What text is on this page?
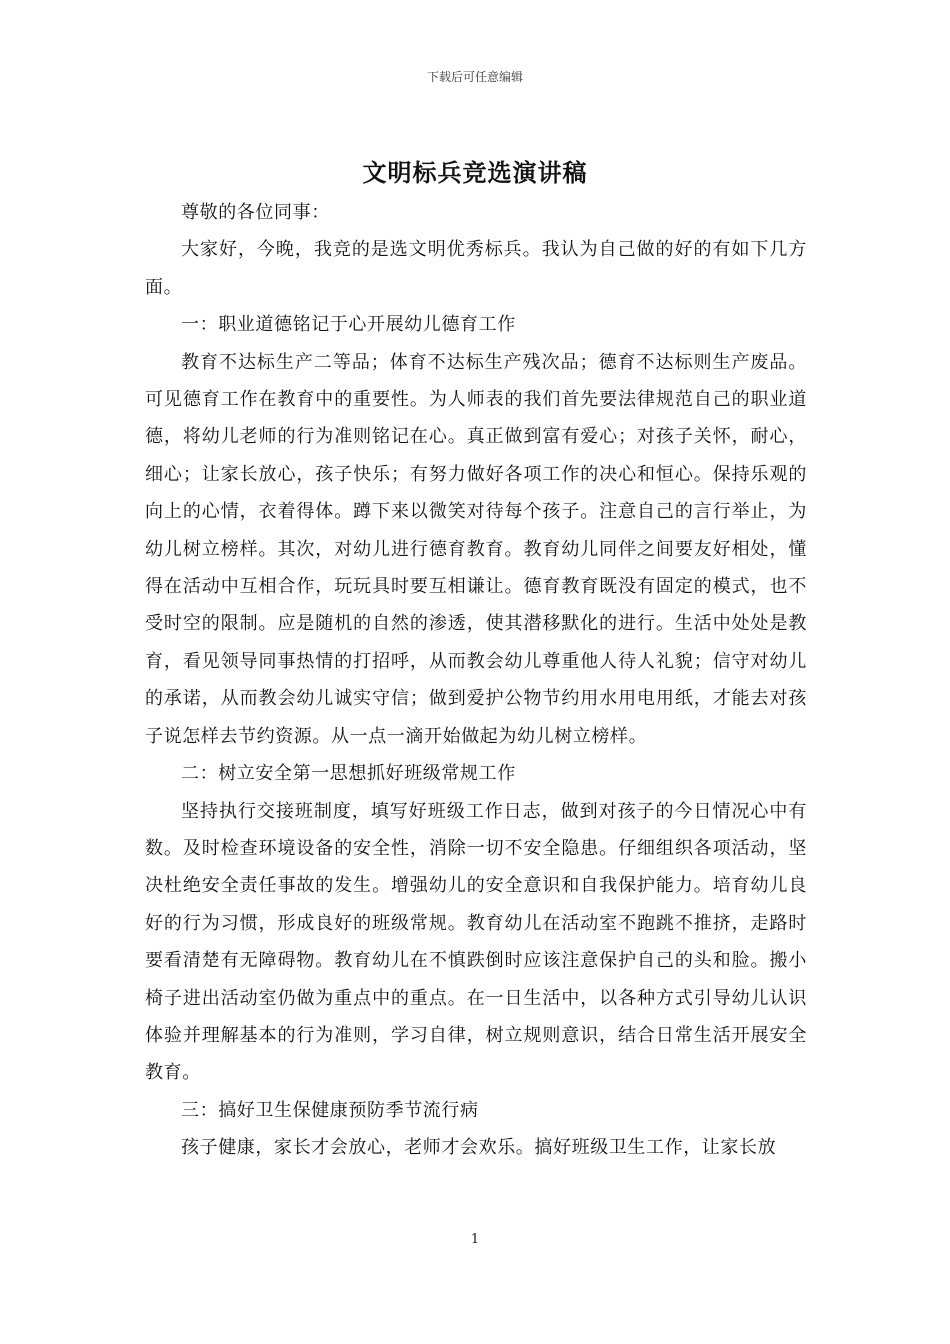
下载后可任意编辑
文明标兵竞选演讲稿

尊敬的各位同事：

大家好，今晚，我竞的是选文明优秀标兵。我认为自己做的好的有如下几方面。

一：职业道德铭记于心开展幼儿德育工作

教育不达标生产二等品；体育不达标生产残次品；德育不达标则生产废品。可见德育工作在教育中的重要性。为人师表的我们首先要法律规范自己的职业道德，将幼儿老师的行为准则铭记在心。真正做到富有爱心；对孩子关怀，耐心，细心；让家长放心，孩子快乐；有努力做好各项工作的决心和恒心。保持乐观的向上的心情，衣着得体。蹲下来以微笑对待每个孩子。注意自己的言行举止，为幼儿树立榜样。其次，对幼儿进行德育教育。教育幼儿同伴之间要友好相处，懂得在活动中互相合作，玩玩具时要互相谦让。德育教育既没有固定的模式，也不受时空的限制。应是随机的自然的渗透，使其潜移默化的进行。生活中处处是教育，看见领导同事热情的打招呼，从而教会幼儿尊重他人待人礼貌；信守对幼儿的承诺，从而教会幼儿诚实守信；做到爱护公物节约用水用电用纸，才能去对孩子说怎样去节约资源。从一点一滴开始做起为幼儿树立榜样。

二：树立安全第一思想抓好班级常规工作

坚持执行交接班制度，填写好班级工作日志，做到对孩子的今日情况心中有数。及时检查环境设备的安全性，消除一切不安全隐患。仔细组织各项活动，坚决杜绝安全责任事故的发生。增强幼儿的安全意识和自我保护能力。培育幼儿良好的行为习惯，形成良好的班级常规。教育幼儿在活动室不跑跳不推挤，走路时要看清楚有无障碍物。教育幼儿在不慎跌倒时应该注意保护自己的头和脸。搬小椅子进出活动室仍做为重点中的重点。在一日生活中，以各种方式引导幼儿认识体验并理解基本的行为准则，学习自律，树立规则意识，结合日常生活开展安全教育。

三：搞好卫生保健康预防季节流行病

孩子健康，家长才会放心，老师才会欢乐。搞好班级卫生工作，让家长放

1
